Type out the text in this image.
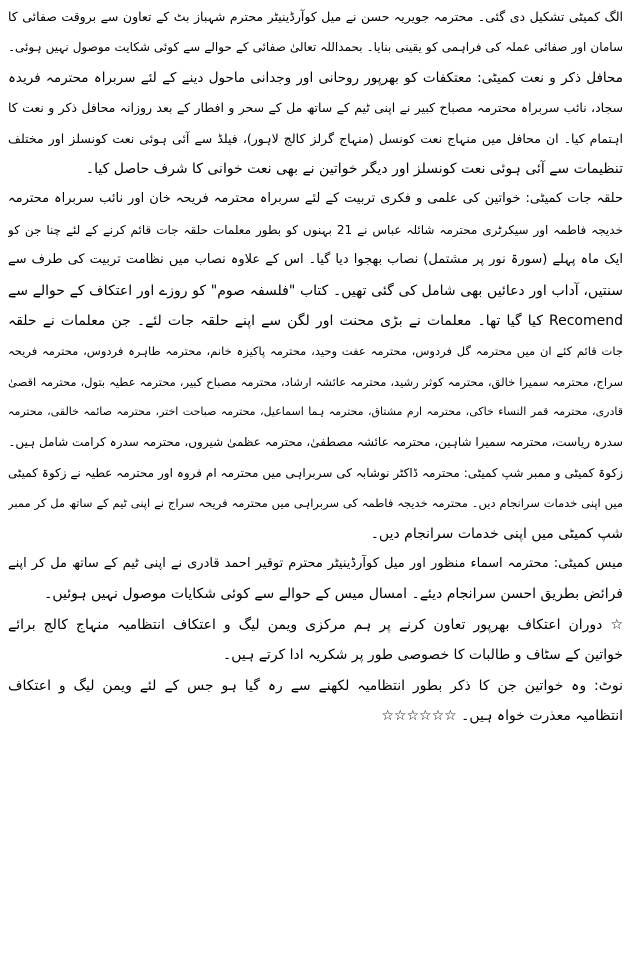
الگ کمیٹی تشکیل دی گئی۔ محترمہ جویریہ حسن نے میل کوآرڈینیٹر محترم شہباز بٹ کے تعاون سے بروقت صفائی کا
سامان اور صفائی عملہ کی فراہمی کو یقینی بنایا۔ بحمداللہ تعالیٰ صفائی کے حوالے سے کوئی شکایت موصول نہیں ہوئی۔
محافل ذکر و نعت کمیٹی: معتکفات کو بھرپور روحانی اور وجدانی ماحول دینے کے لئے سربراہ محترمہ فریدہ
سجاد، نائب سربراہ محترمہ مصباح کبیر نے اپنی ٹیم کے ساتھ مل کے سحر و افطار کے بعد روزانہ محافل ذکر و نعت کا
اہتمام کیا۔ ان محافل میں منہاج نعت کونسل (منہاج گرلز کالج لاہور)، فیلڈ سے آئی ہوئی نعت کونسلز اور مختلف
تنظیمات سے آئی ہوئی نعت کونسلز اور دیگر خواتین نے بھی نعت خوانی کا شرف حاصل کیا۔
حلقہ جات کمیٹی: خواتین کی علمی و فکری تربیت کے لئے سربراہ محترمہ فریحہ خان اور نائب سربراہ محترمہ
خدیجہ فاطمہ اور سیکرٹری محترمہ شائلہ عباس نے 21 بہنوں کو بطور معلمات حلقہ جات قائم کرنے کے لئے چنا جن کو
ایک ماہ پہلے (سورۃ نور پر مشتمل) نصاب بھجوا دیا گیا۔ اس کے علاوہ نصاب میں نظامت تربیت کی طرف سے
سنتیں، آداب اور دعائیں بھی شامل کی گئی تھیں۔ کتاب "فلسفہ صوم" کو روزے اور اعتکاف کے حوالے سے
Recomend کیا گیا تھا۔ معلمات نے بڑی محنت اور لگن سے اپنے حلقہ جات لئے۔ جن معلمات نے حلقہ
جات قائم کئے ان میں محترمہ گل فردوس، محترمہ عفت وحید، محترمہ پاکیزہ خانم، محترمہ طاہرہ فردوس، محترمہ فریحہ
سراج، محترمہ سمیرا خالق، محترمہ کوثر رشید، محترمہ عائشہ ارشاد، محترمہ مصباح کبیر، محترمہ عطیہ بتول، محترمہ اقصیٰ
قادری، محترمہ قمر النساء خاکی، محترمہ ارم مشتاق، محترمہ ہما اسماعیل، محترمہ صباحت اختر، محترمہ صائمہ خالقی، محترمہ
سدرہ ریاست، محترمہ سمیرا شاہین، محترمہ عائشہ مصطفیٰ، محترمہ عظمیٰ شیروں، محترمہ سدرہ کرامت شامل ہیں۔
زکوۃ کمیٹی و ممبر شپ کمیٹی: محترمہ ڈاکٹر نوشابہ کی سربراہی میں محترمہ ام فروہ اور محترمہ عطیہ نے زکوۃ کمیٹی
میں اپنی خدمات سرانجام دیں۔ محترمہ خدیجہ فاطمہ کی سربراہی میں محترمہ فریحہ سراج نے اپنی ٹیم کے ساتھ مل کر ممبر
شپ کمیٹی میں اپنی خدمات سرانجام دیں۔
میس کمیٹی: محترمہ اسماء منظور اور میل کوآرڈینیٹر محترم توقیر احمد قادری نے اپنی ٹیم کے ساتھ مل کر اپنے
فرائض بطریق احسن سرانجام دیئے۔ امسال میس کے حوالے سے کوئی شکایات موصول نہیں ہوئیں۔
☆ دوران اعتکاف بھرپور تعاون کرنے پر ہم مرکزی ویمن لیگ و اعتکاف انتظامیہ منہاج کالج برائے
خواتین کے سٹاف و طالبات کا خصوصی طور پر شکریہ ادا کرتے ہیں۔
نوٹ: وہ خواتین جن کا ذکر بطور انتظامیہ لکھنے سے رہ گیا ہو جس کے لئے ویمن لیگ و اعتکاف
انتظامیہ معذرت خواہ ہیں۔ ☆☆☆☆☆☆
